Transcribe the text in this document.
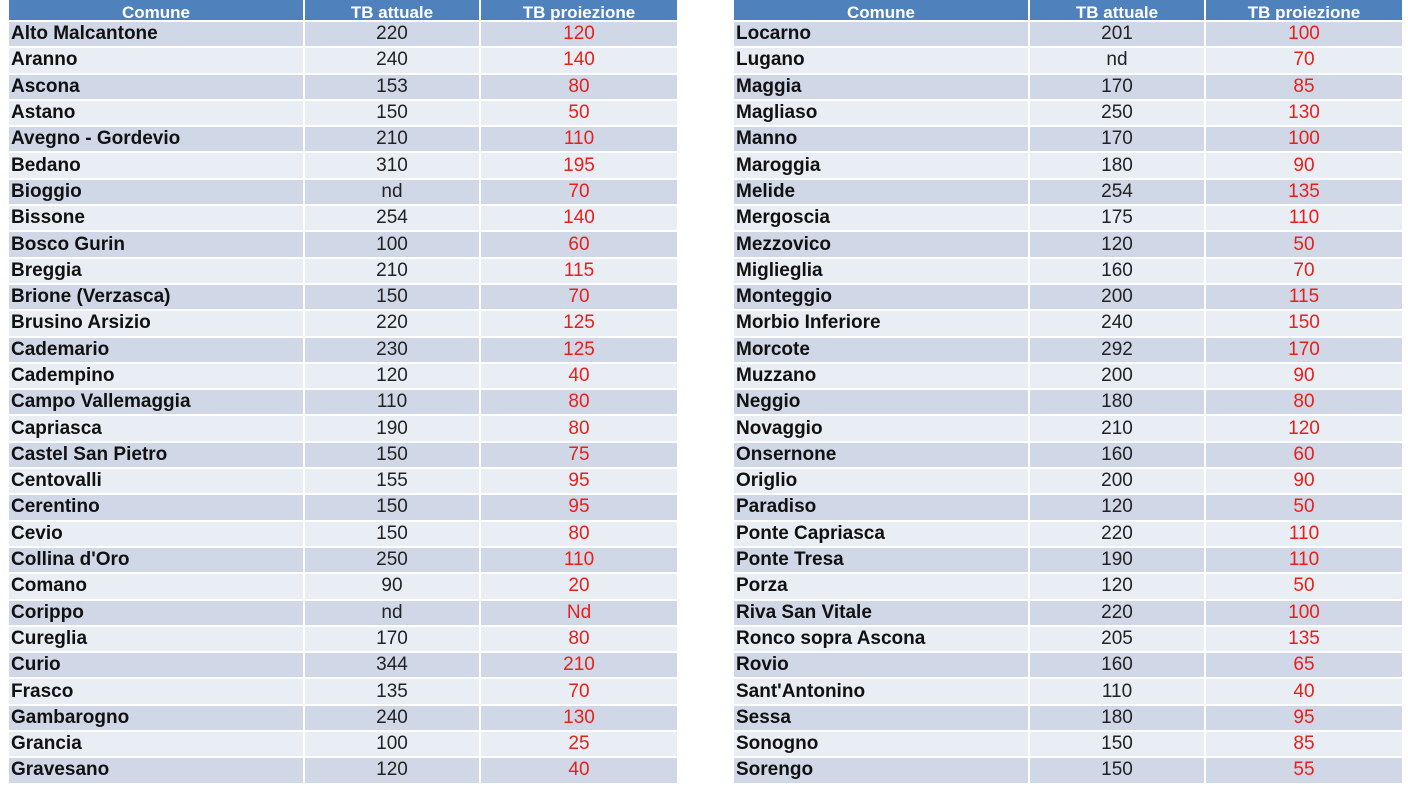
Comune	TB attuale	TB proiezione
Alto Malcantone	220	120
Aranno	240	140
Ascona	153	80
Astano	150	50
Avegno - Gordevio	210	110
Bedano	310	195
Bioggio	nd	70
Bissone	254	140
Bosco Gurin	100	60
Breggia	210	115
Brione (Verzasca)	150	70
Brusino Arsizio	220	125
Cademario	230	125
Cadempino	120	40
Campo Vallemaggia	110	80
Capriasca	190	80
Castel San Pietro	150	75
Centovalli	155	95
Cerentino	150	95
Cevio	150	80
Collina d'Oro	250	110
Comano	90	20
Corippo	nd	Nd
Cureglia	170	80
Curio	344	210
Frasco	135	70
Gambarogno	240	130
Grancia	100	25
Gravesano	120	40
Comune	TB attuale	TB proiezione
Locarno	201	100
Lugano	nd	70
Maggia	170	85
Magliaso	250	130
Manno	170	100
Maroggia	180	90
Melide	254	135
Mergoscia	175	110
Mezzovico	120	50
Miglieglia	160	70
Monteggio	200	115
Morbio Inferiore	240	150
Morcote	292	170
Muzzano	200	90
Neggio	180	80
Novaggio	210	120
Onsernone	160	60
Origlio	200	90
Paradiso	120	50
Ponte Capriasca	220	110
Ponte Tresa	190	110
Porza	120	50
Riva San Vitale	220	100
Ronco sopra Ascona	205	135
Rovio	160	65
Sant'Antonino	110	40
Sessa	180	95
Sonogno	150	85
Sorengo	150	55
